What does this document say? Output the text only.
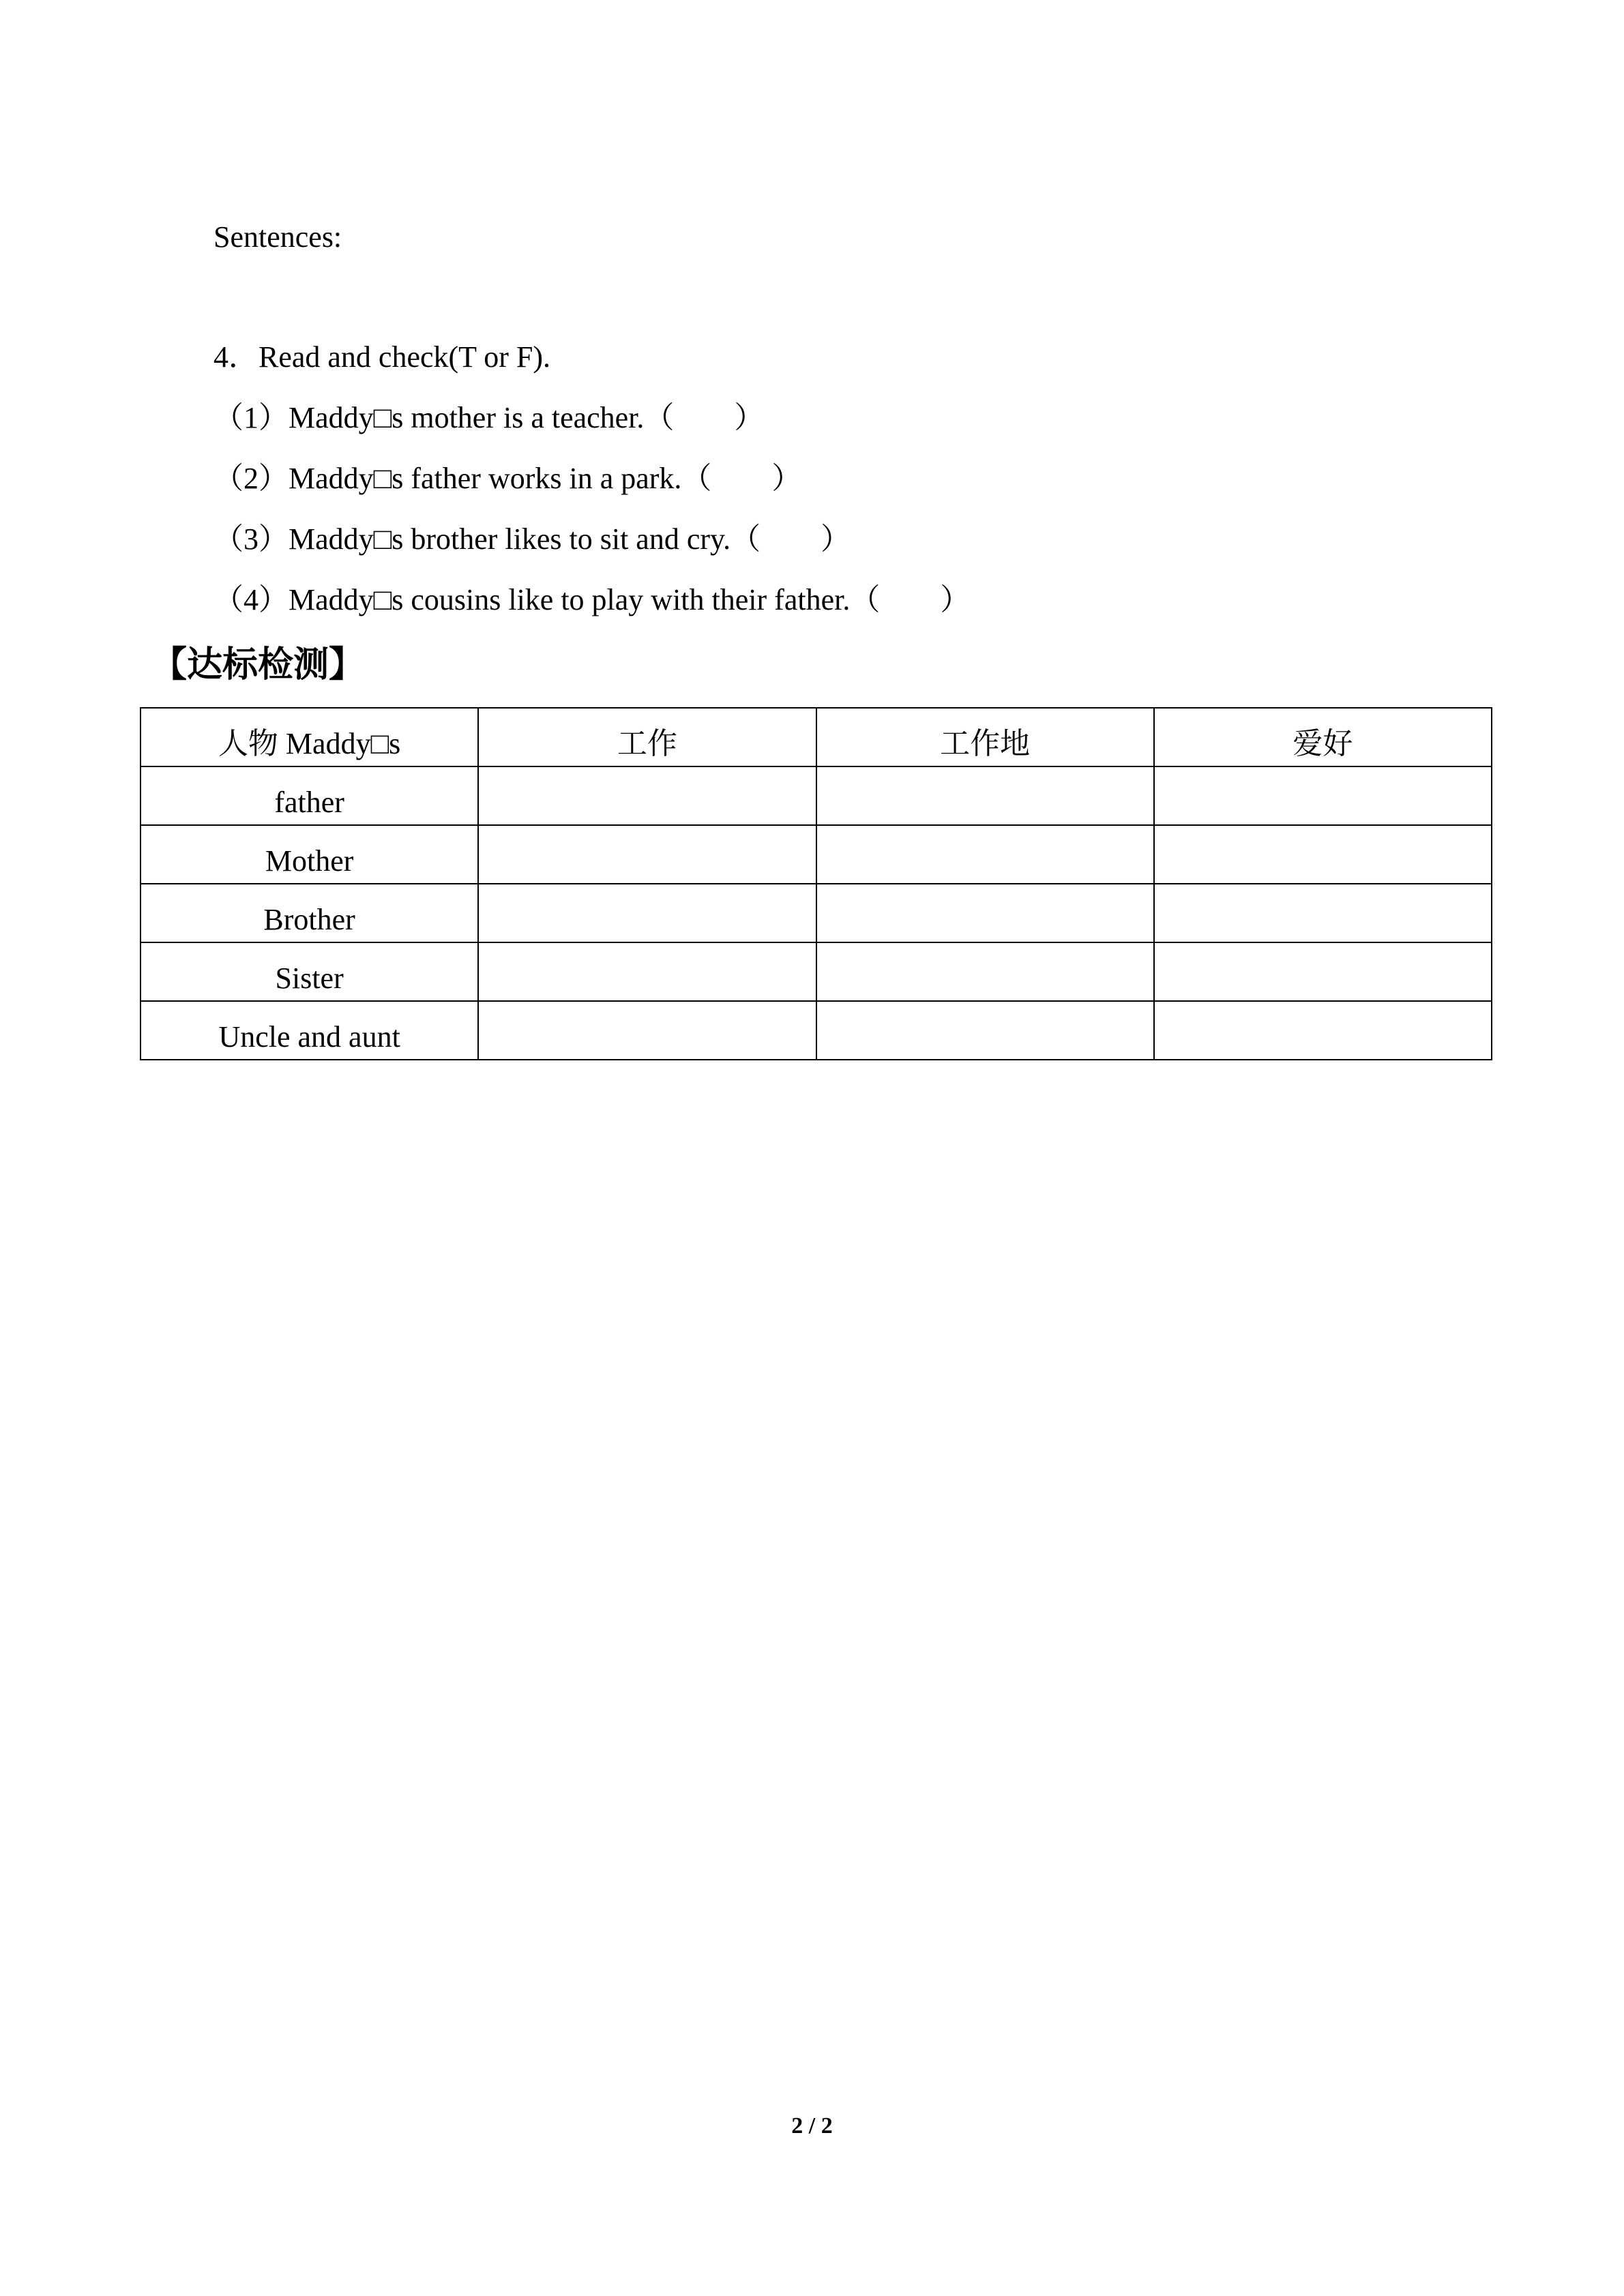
Sentences:
4．Read and check(T or F).
（1）Maddy□s mother is a teacher.（        ）
（2）Maddy□s father works in a park.（        ）
（3）Maddy□s brother likes to sit and cry.（        ）
（4）Maddy□s cousins like to play with their father.（        ）
【达标检测】
人物 Maddy□s	工作	工作地	爱好
father			
Mother			
Brother			
Sister			
Uncle and aunt			
2 / 2
